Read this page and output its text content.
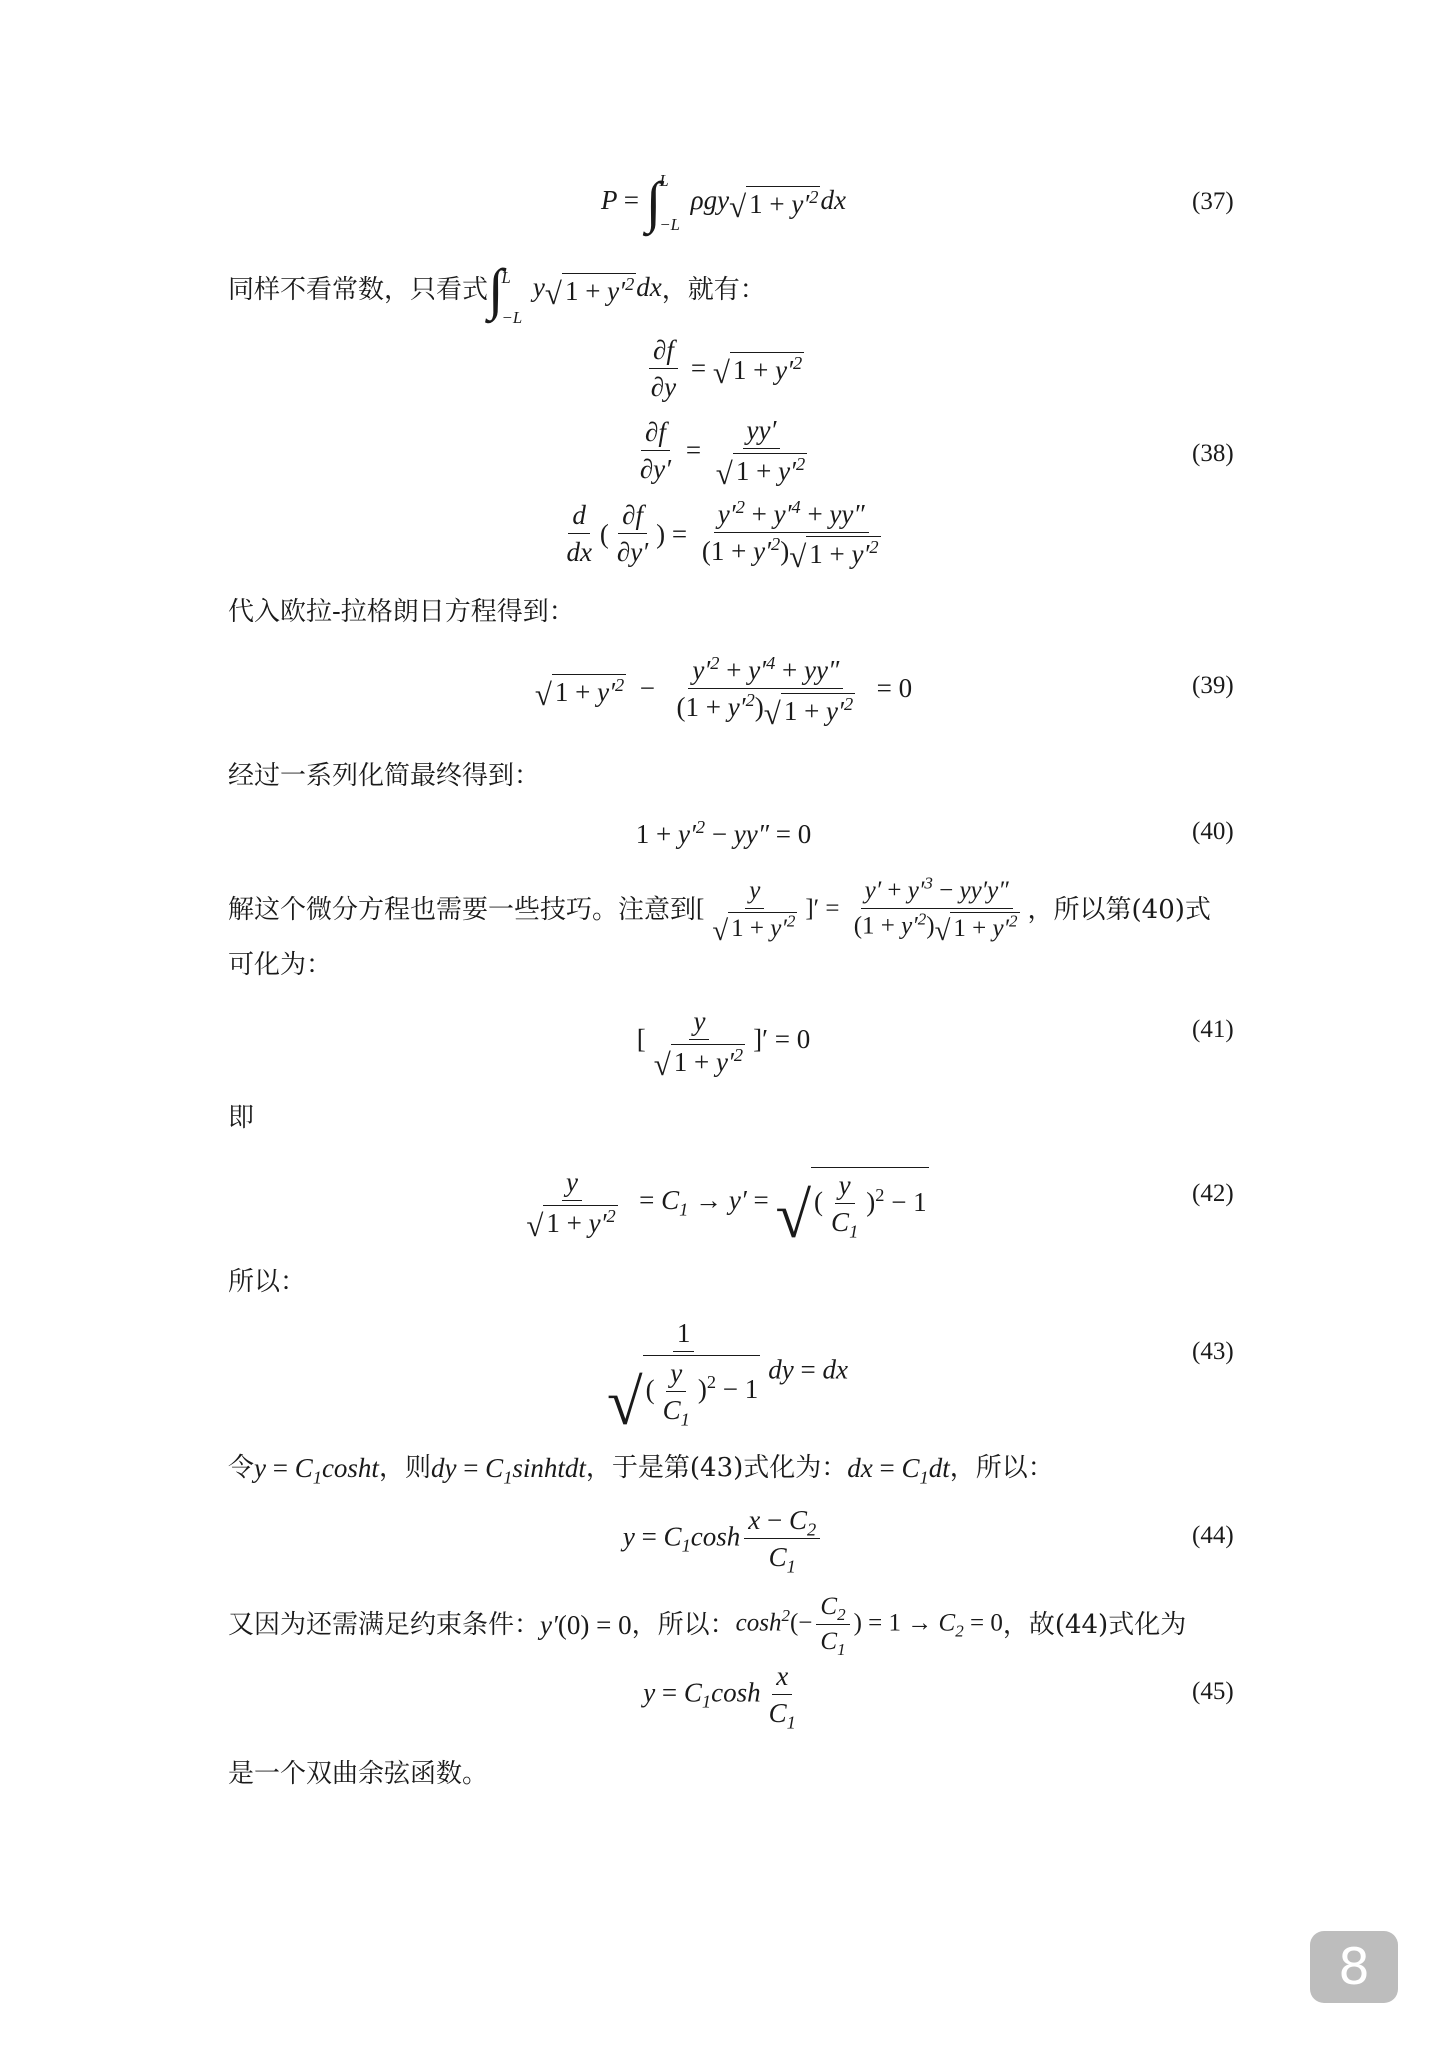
P = ∫
L
−L
ρgy √ $1 + y'^2$ dx	(37)
同样不看常数，只看式 ∫
L
−L
y √ $1 + y'^2$ dx ，就有：
$\frac{\partial f}{\partial y}$ = √ $1 + y'^2$
$\frac{\partial f}{\partial y'} = \frac{yy'}{√ 1 + y'^2}$
$\frac{d}{dx}$ ( $\frac{\partial f}{\partial y'}$ ) = $\frac{y'^2 + y'^4 + yy''}{(1 + y'^2) √ 1 + y'^2}$
(38)
代入欧拉-拉格朗日方程得到：
√ $1 + y'^2 - \frac{y'^2 + y'^4 + yy''}{(1 + y'^2) √ 1 + y'^2} = 0$	(39)
经过一系列化简最终得到：
$1 + y'^2 - yy'' = 0$	(40)
解这个微分方程也需要一些技巧。注意到 [ $\frac{y}{√ 1 + y'^2}$ ]′ = $\frac{y' + y'^3 - yy'y''}{(1 + y'^2) √ 1 + y'^2}$ ，所以第(40)式
可化为：
[ $\frac{y}{√ 1 + y'^2}$ ]′ = 0	(41)
即
$\frac{y}{√ 1 + y'^2} = C_1 \to y'$ = √ ( $\frac{y}{C_1} )^2 - 1$	(42)
所以：
$\frac{1}{√ ( \frac{y}{C_1} )^2 - 1}$ dy = dx
(43)
令 $y = C_1\cosh t$ ，则 dy = $C_1sinhtdt$ ，于是第(43)式化为： dx = $C_1dt$ ，所以：
$y = C_1\cosh \frac{x - C_2}{C_1}$	(44)
又因为还需满足约束条件： y′(0) = 0 ，所以： $\cosh^2(- \frac{C_2}{C_1}$ ) = $1 \to C_2 = 0$ ，故(44)式化为
$y = C_1\cosh \frac{x}{C_1}$	(45)
是一个双曲余弦函数。
8
